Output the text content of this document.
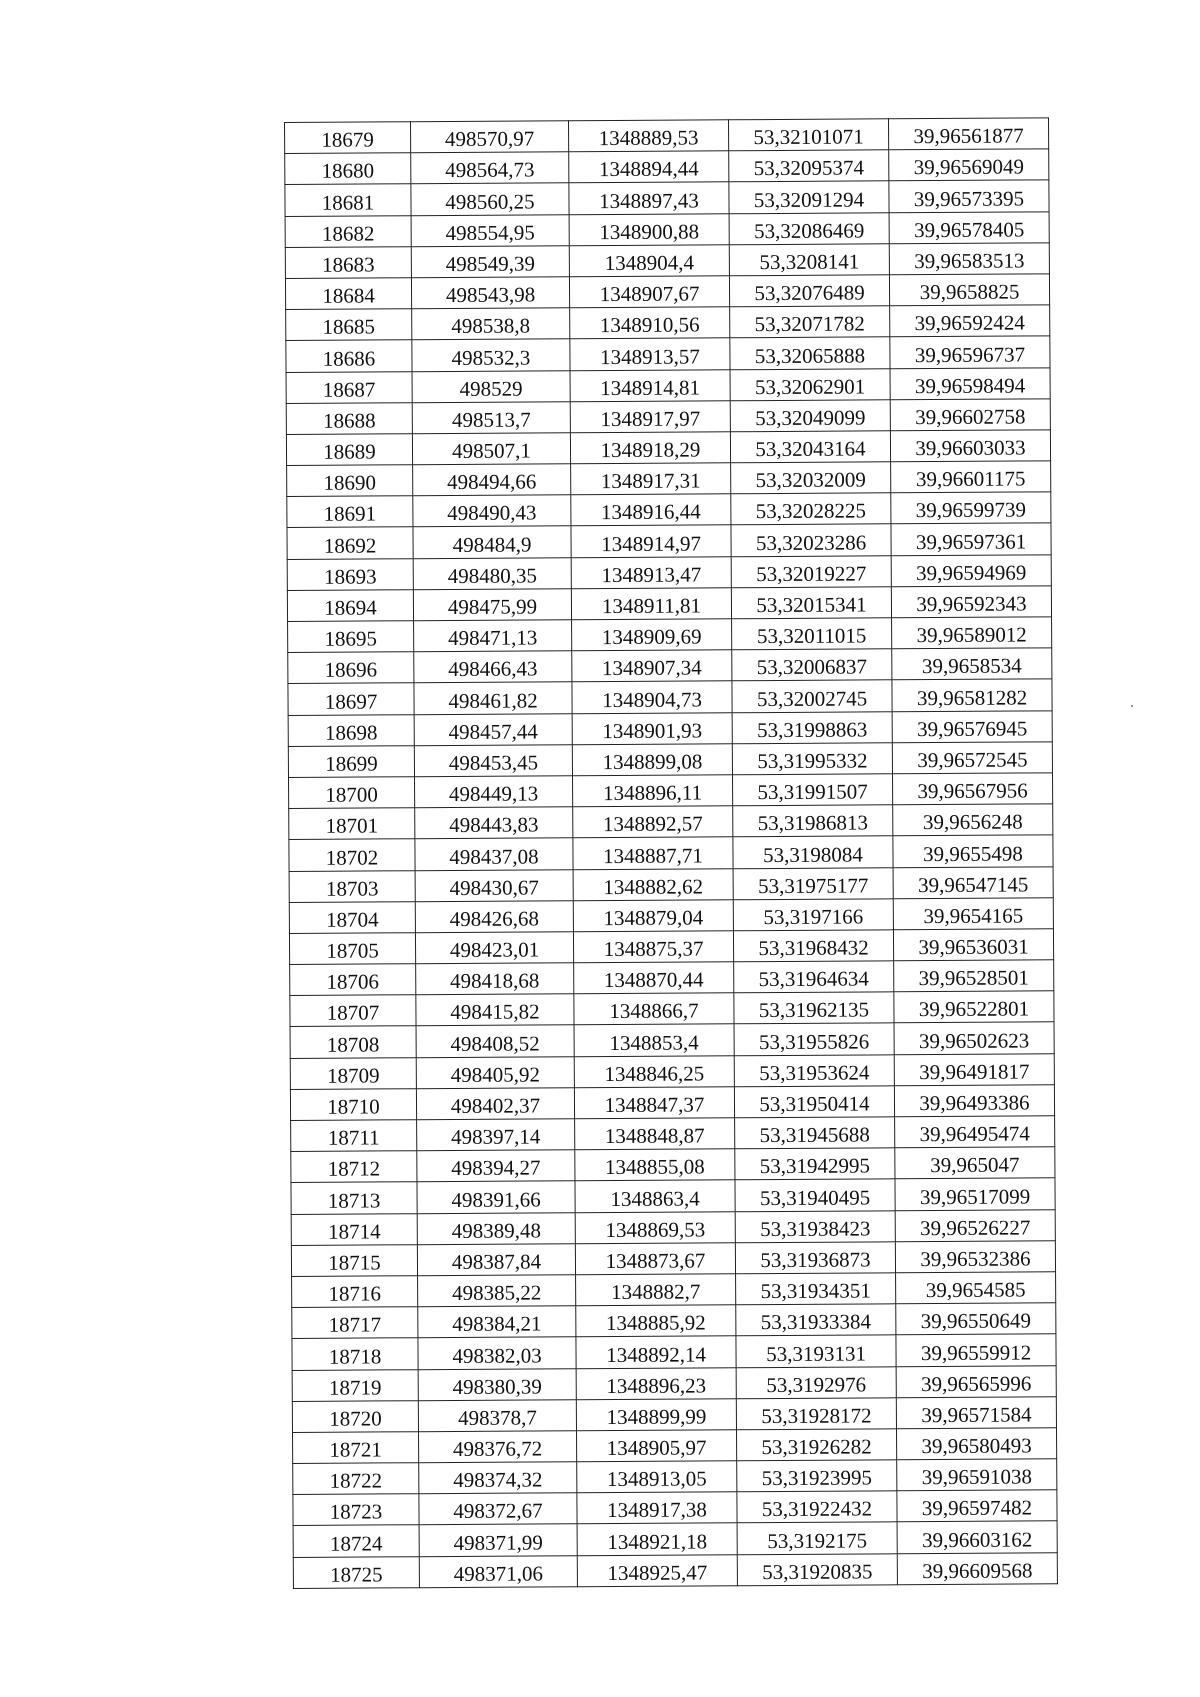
18679	498570,97	1348889,53	53,32101071	39,96561877
18680	498564,73	1348894,44	53,32095374	39,96569049
18681	498560,25	1348897,43	53,32091294	39,96573395
18682	498554,95	1348900,88	53,32086469	39,96578405
18683	498549,39	1348904,4	53,3208141	39,96583513
18684	498543,98	1348907,67	53,32076489	39,9658825
18685	498538,8	1348910,56	53,32071782	39,96592424
18686	498532,3	1348913,57	53,32065888	39,96596737
18687	498529	1348914,81	53,32062901	39,96598494
18688	498513,7	1348917,97	53,32049099	39,96602758
18689	498507,1	1348918,29	53,32043164	39,96603033
18690	498494,66	1348917,31	53,32032009	39,96601175
18691	498490,43	1348916,44	53,32028225	39,96599739
18692	498484,9	1348914,97	53,32023286	39,96597361
18693	498480,35	1348913,47	53,32019227	39,96594969
18694	498475,99	1348911,81	53,32015341	39,96592343
18695	498471,13	1348909,69	53,32011015	39,96589012
18696	498466,43	1348907,34	53,32006837	39,9658534
18697	498461,82	1348904,73	53,32002745	39,96581282
18698	498457,44	1348901,93	53,31998863	39,96576945
18699	498453,45	1348899,08	53,31995332	39,96572545
18700	498449,13	1348896,11	53,31991507	39,96567956
18701	498443,83	1348892,57	53,31986813	39,9656248
18702	498437,08	1348887,71	53,3198084	39,9655498
18703	498430,67	1348882,62	53,31975177	39,96547145
18704	498426,68	1348879,04	53,3197166	39,9654165
18705	498423,01	1348875,37	53,31968432	39,96536031
18706	498418,68	1348870,44	53,31964634	39,96528501
18707	498415,82	1348866,7	53,31962135	39,96522801
18708	498408,52	1348853,4	53,31955826	39,96502623
18709	498405,92	1348846,25	53,31953624	39,96491817
18710	498402,37	1348847,37	53,31950414	39,96493386
18711	498397,14	1348848,87	53,31945688	39,96495474
18712	498394,27	1348855,08	53,31942995	39,965047
18713	498391,66	1348863,4	53,31940495	39,96517099
18714	498389,48	1348869,53	53,31938423	39,96526227
18715	498387,84	1348873,67	53,31936873	39,96532386
18716	498385,22	1348882,7	53,31934351	39,9654585
18717	498384,21	1348885,92	53,31933384	39,96550649
18718	498382,03	1348892,14	53,3193131	39,96559912
18719	498380,39	1348896,23	53,3192976	39,96565996
18720	498378,7	1348899,99	53,31928172	39,96571584
18721	498376,72	1348905,97	53,31926282	39,96580493
18722	498374,32	1348913,05	53,31923995	39,96591038
18723	498372,67	1348917,38	53,31922432	39,96597482
18724	498371,99	1348921,18	53,3192175	39,96603162
18725	498371,06	1348925,47	53,31920835	39,96609568
